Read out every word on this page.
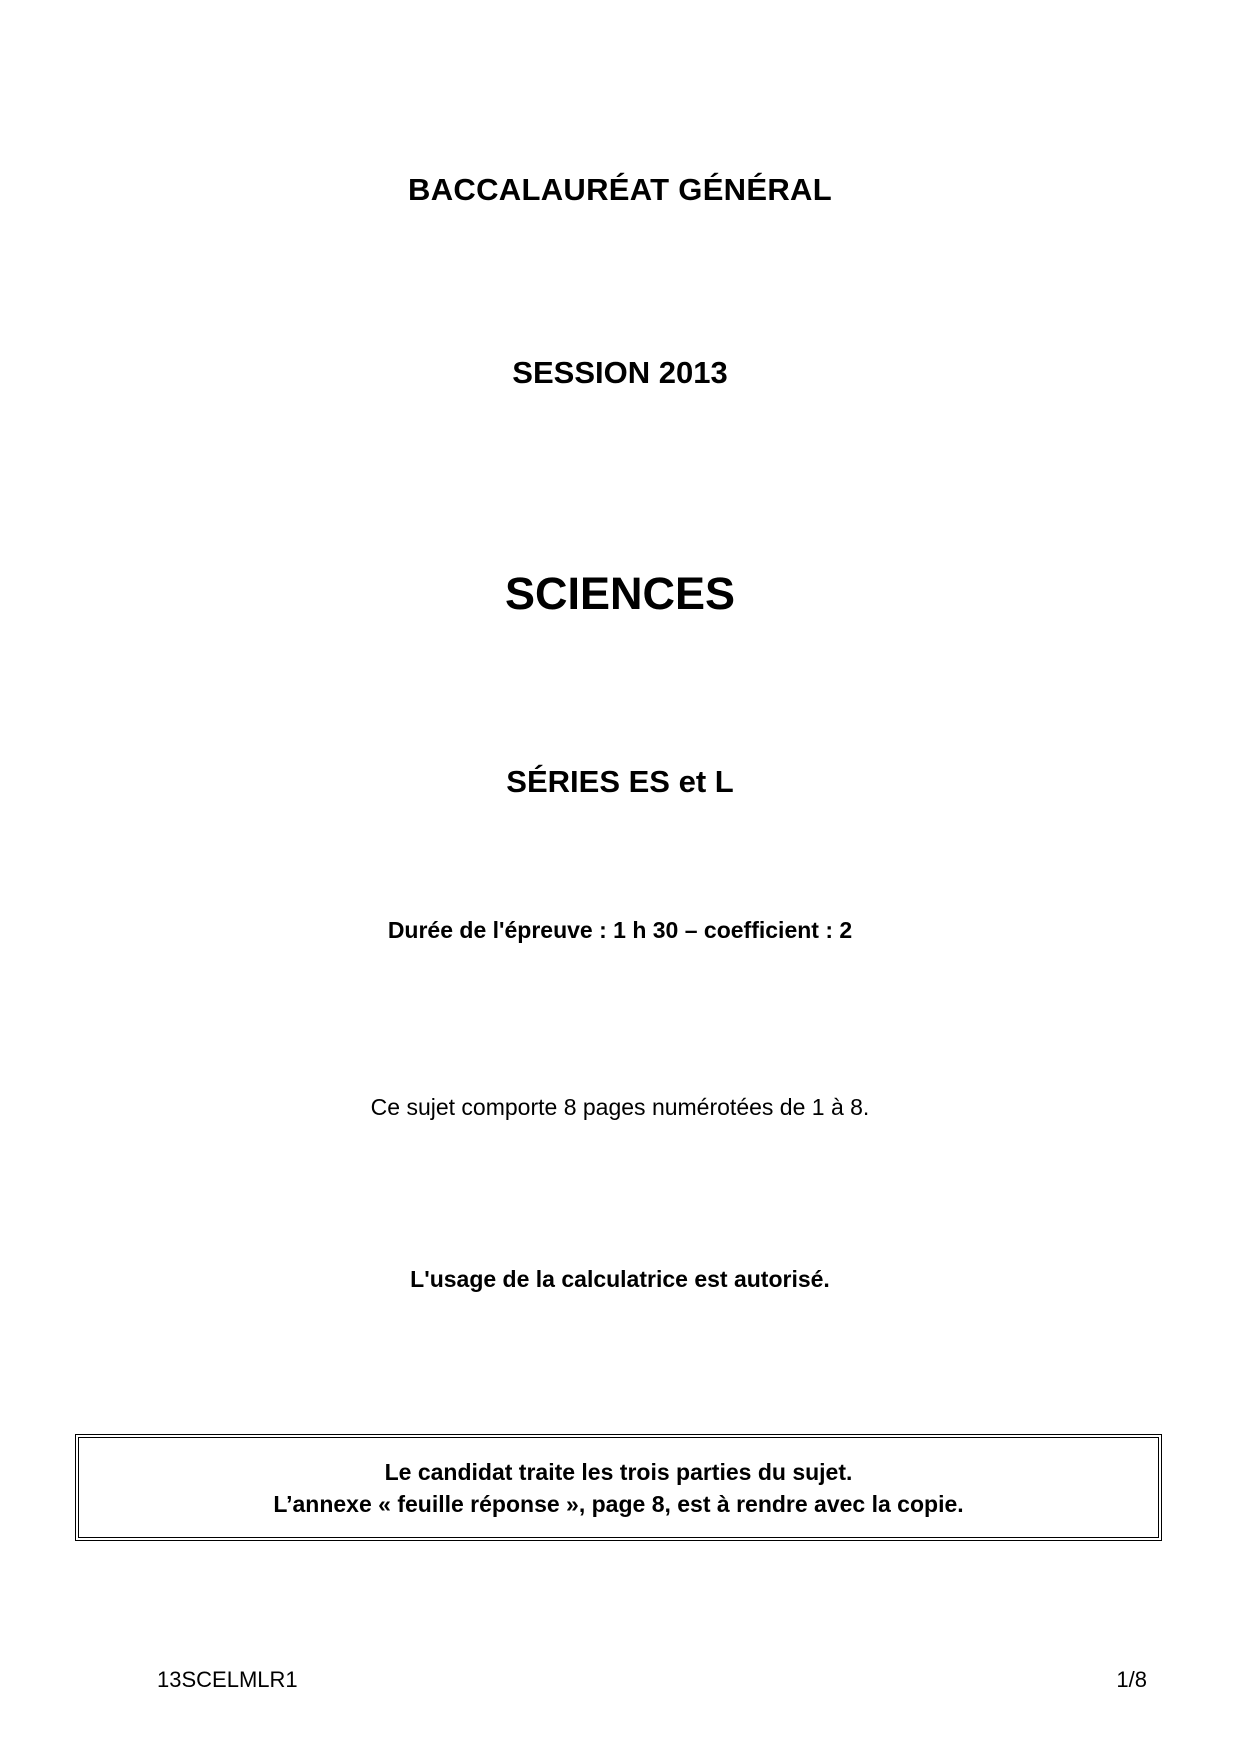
BACCALAURÉAT GÉNÉRAL
SESSION 2013
SCIENCES
SÉRIES ES et L
Durée de l'épreuve : 1 h 30 – coefficient : 2
Ce sujet comporte 8 pages numérotées de 1 à 8.
L'usage de la calculatrice est autorisé.
Le candidat traite les trois parties du sujet.
L’annexe « feuille réponse », page 8, est à rendre avec la copie.
13SCELMLR1	1/8
